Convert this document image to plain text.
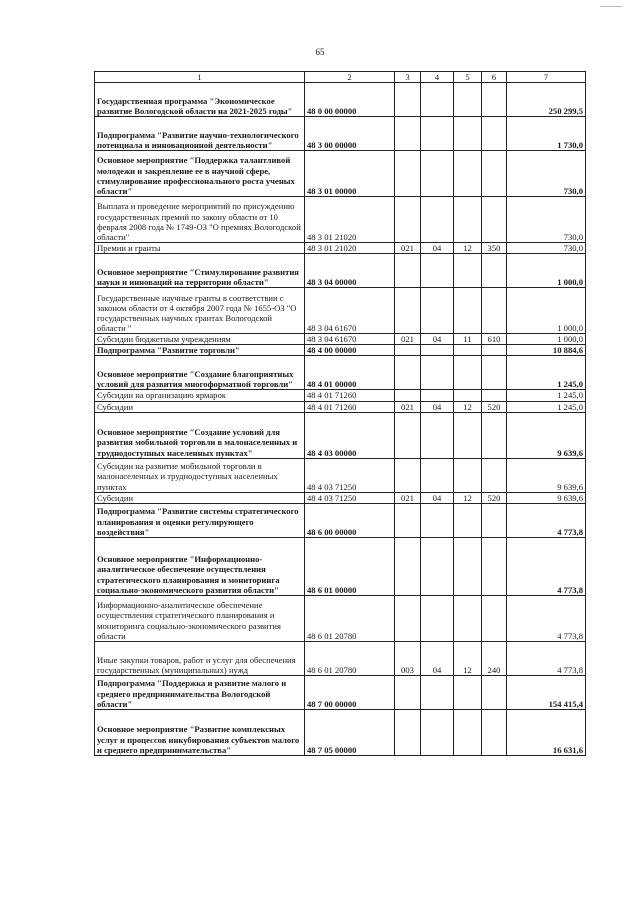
65
1	2	3	4	5	6	7
Государственная программа "Экономическое развитие Вологодской области на 2021-2025 годы"	48 0 00 00000					250 299,5
Подпрограмма "Развитие научно-технологического потенциала и инновационной деятельности"	48 3 00 00000					1 730,0
Основное мероприятие "Поддержка талантливой молодежи и закрепление ее в научной сфере, стимулирование профессионального роста ученых области"	48 3 01 00000					730,0
Выплата и проведение мероприятий по присуждению государственных премий по закону области от 10 февраля 2008 года № 1749-ОЗ "О премиях Вологодской области"	48 3 01 21020					730,0
Премии и гранты	48 3 01 21020	021	04	12	350	730,0
Основное мероприятие "Стимулирование развития науки и инноваций на территории области"	48 3 04 00000					1 000,0
Государственные научные гранты в соответствии с законом области от 4 октября 2007 года № 1655-ОЗ "О государственных научных грантах Вологодской области "	48 3 04 61670					1 000,0
Субсидии бюджетным учреждениям	48 3 04 61670	021	04	11	610	1 000,0
Подпрограмма "Развитие торговли"	48 4 00 00000					10 884,6
Основное мероприятие "Создание благоприятных условий для развития многоформатной торговли"	48 4 01 00000					1 245,0
Субсидии на организацию ярмарок	48 4 01 71260					1 245,0
Субсидии	48 4 01 71260	021	04	12	520	1 245,0
Основное мероприятие "Создание условий для развития мобильной торговли в малонаселенных и труднодоступных населенных пунктах"	48 4 03 00000					9 639,6
Субсидии на развитие мобильной торговли в малонаселенных и труднодоступных населенных пунктах	48 4 03 71250					9 639,6
Субсидии	48 4 03 71250	021	04	12	520	9 639,6
Подпрограмма "Развитие системы стратегического планирования и оценки регулирующего воздействия"	48 6 00 00000					4 773,8
Основное мероприятие "Информационно-аналитическое обеспечение осуществления стратегического планирования и мониторинга социально-экономического развития области"	48 6 01 00000					4 773,8
Информационно-аналитическое обеспечение осуществления стратегического планирования и мониторинга социально-экономического развития области	48 6 01 20780					4 773,8
Иные закупки товаров, работ и услуг для обеспечения государственных (муниципальных) нужд	48 6 01 20780	003	04	12	240	4 773,8
Подпрограмма "Поддержка и развитие малого и среднего предпринимательства Вологодской области"	48 7 00 00000					154 415,4
Основное мероприятие "Развитие комплексных услуг и процессов инкубирования субъектов малого и среднего предпринимательства"	48 7 05 00000					16 631,6
